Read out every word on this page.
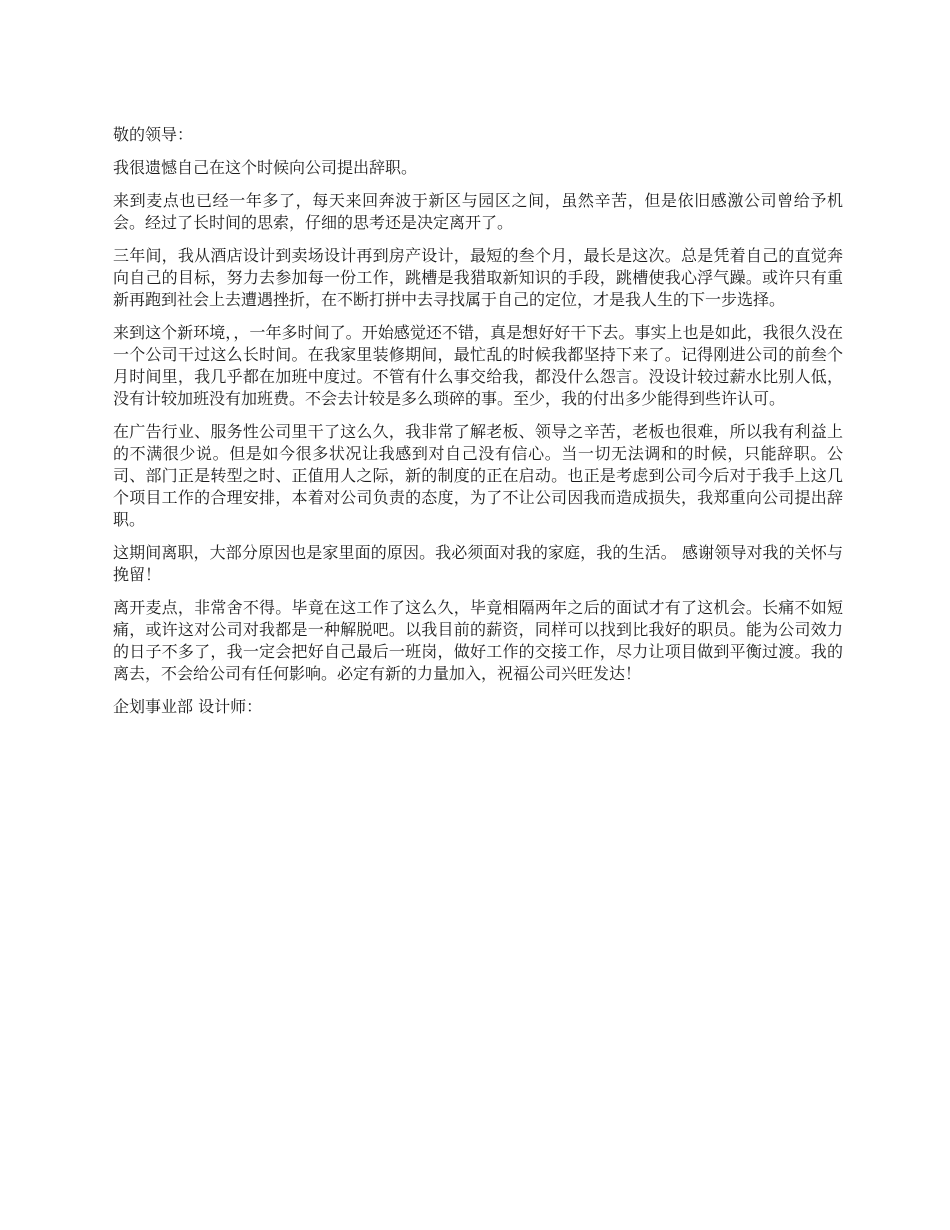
敬的领导：

我很遗憾自己在这个时候向公司提出辞职。

来到麦点也已经一年多了，每天来回奔波于新区与园区之间，虽然辛苦，但是依旧感激公司曾给予机会。经过了长时间的思索，仔细的思考还是决定离开了。

三年间，我从酒店设计到卖场设计再到房产设计，最短的叁个月，最长是这次。总是凭着自己的直觉奔向自己的目标，努力去参加每一份工作，跳槽是我猎取新知识的手段，跳槽使我心浮气躁。或许只有重新再跑到社会上去遭遇挫折，在不断打拼中去寻找属于自己的定位，才是我人生的下一步选择。

来到这个新环境，，一年多时间了。开始感觉还不错，真是想好好干下去。事实上也是如此，我很久没在一个公司干过这么长时间。在我家里装修期间，最忙乱的时候我都坚持下来了。记得刚进公司的前叁个月时间里，我几乎都在加班中度过。不管有什么事交给我，都没什么怨言。没设计较过薪水比别人低，没有计较加班没有加班费。不会去计较是多么琐碎的事。至少，我的付出多少能得到些许认可。

在广告行业、服务性公司里干了这么久，我非常了解老板、领导之辛苦，老板也很难，所以我有利益上的不满很少说。但是如今很多状况让我感到对自己没有信心。当一切无法调和的时候，只能辞职。公司、部门正是转型之时、正值用人之际，新的制度的正在启动。也正是考虑到公司今后对于我手上这几个项目工作的合理安排，本着对公司负责的态度，为了不让公司因我而造成损失，我郑重向公司提出辞职。

这期间离职，大部分原因也是家里面的原因。我必须面对我的家庭，我的生活。 感谢领导对我的关怀与挽留！

离开麦点，非常舍不得。毕竟在这工作了这么久，毕竟相隔两年之后的面试才有了这机会。长痛不如短痛，或许这对公司对我都是一种解脱吧。以我目前的薪资，同样可以找到比我好的职员。能为公司效力的日子不多了，我一定会把好自己最后一班岗，做好工作的交接工作，尽力让项目做到平衡过渡。我的离去，不会给公司有任何影响。必定有新的力量加入，祝福公司兴旺发达！

企划事业部 设计师：
